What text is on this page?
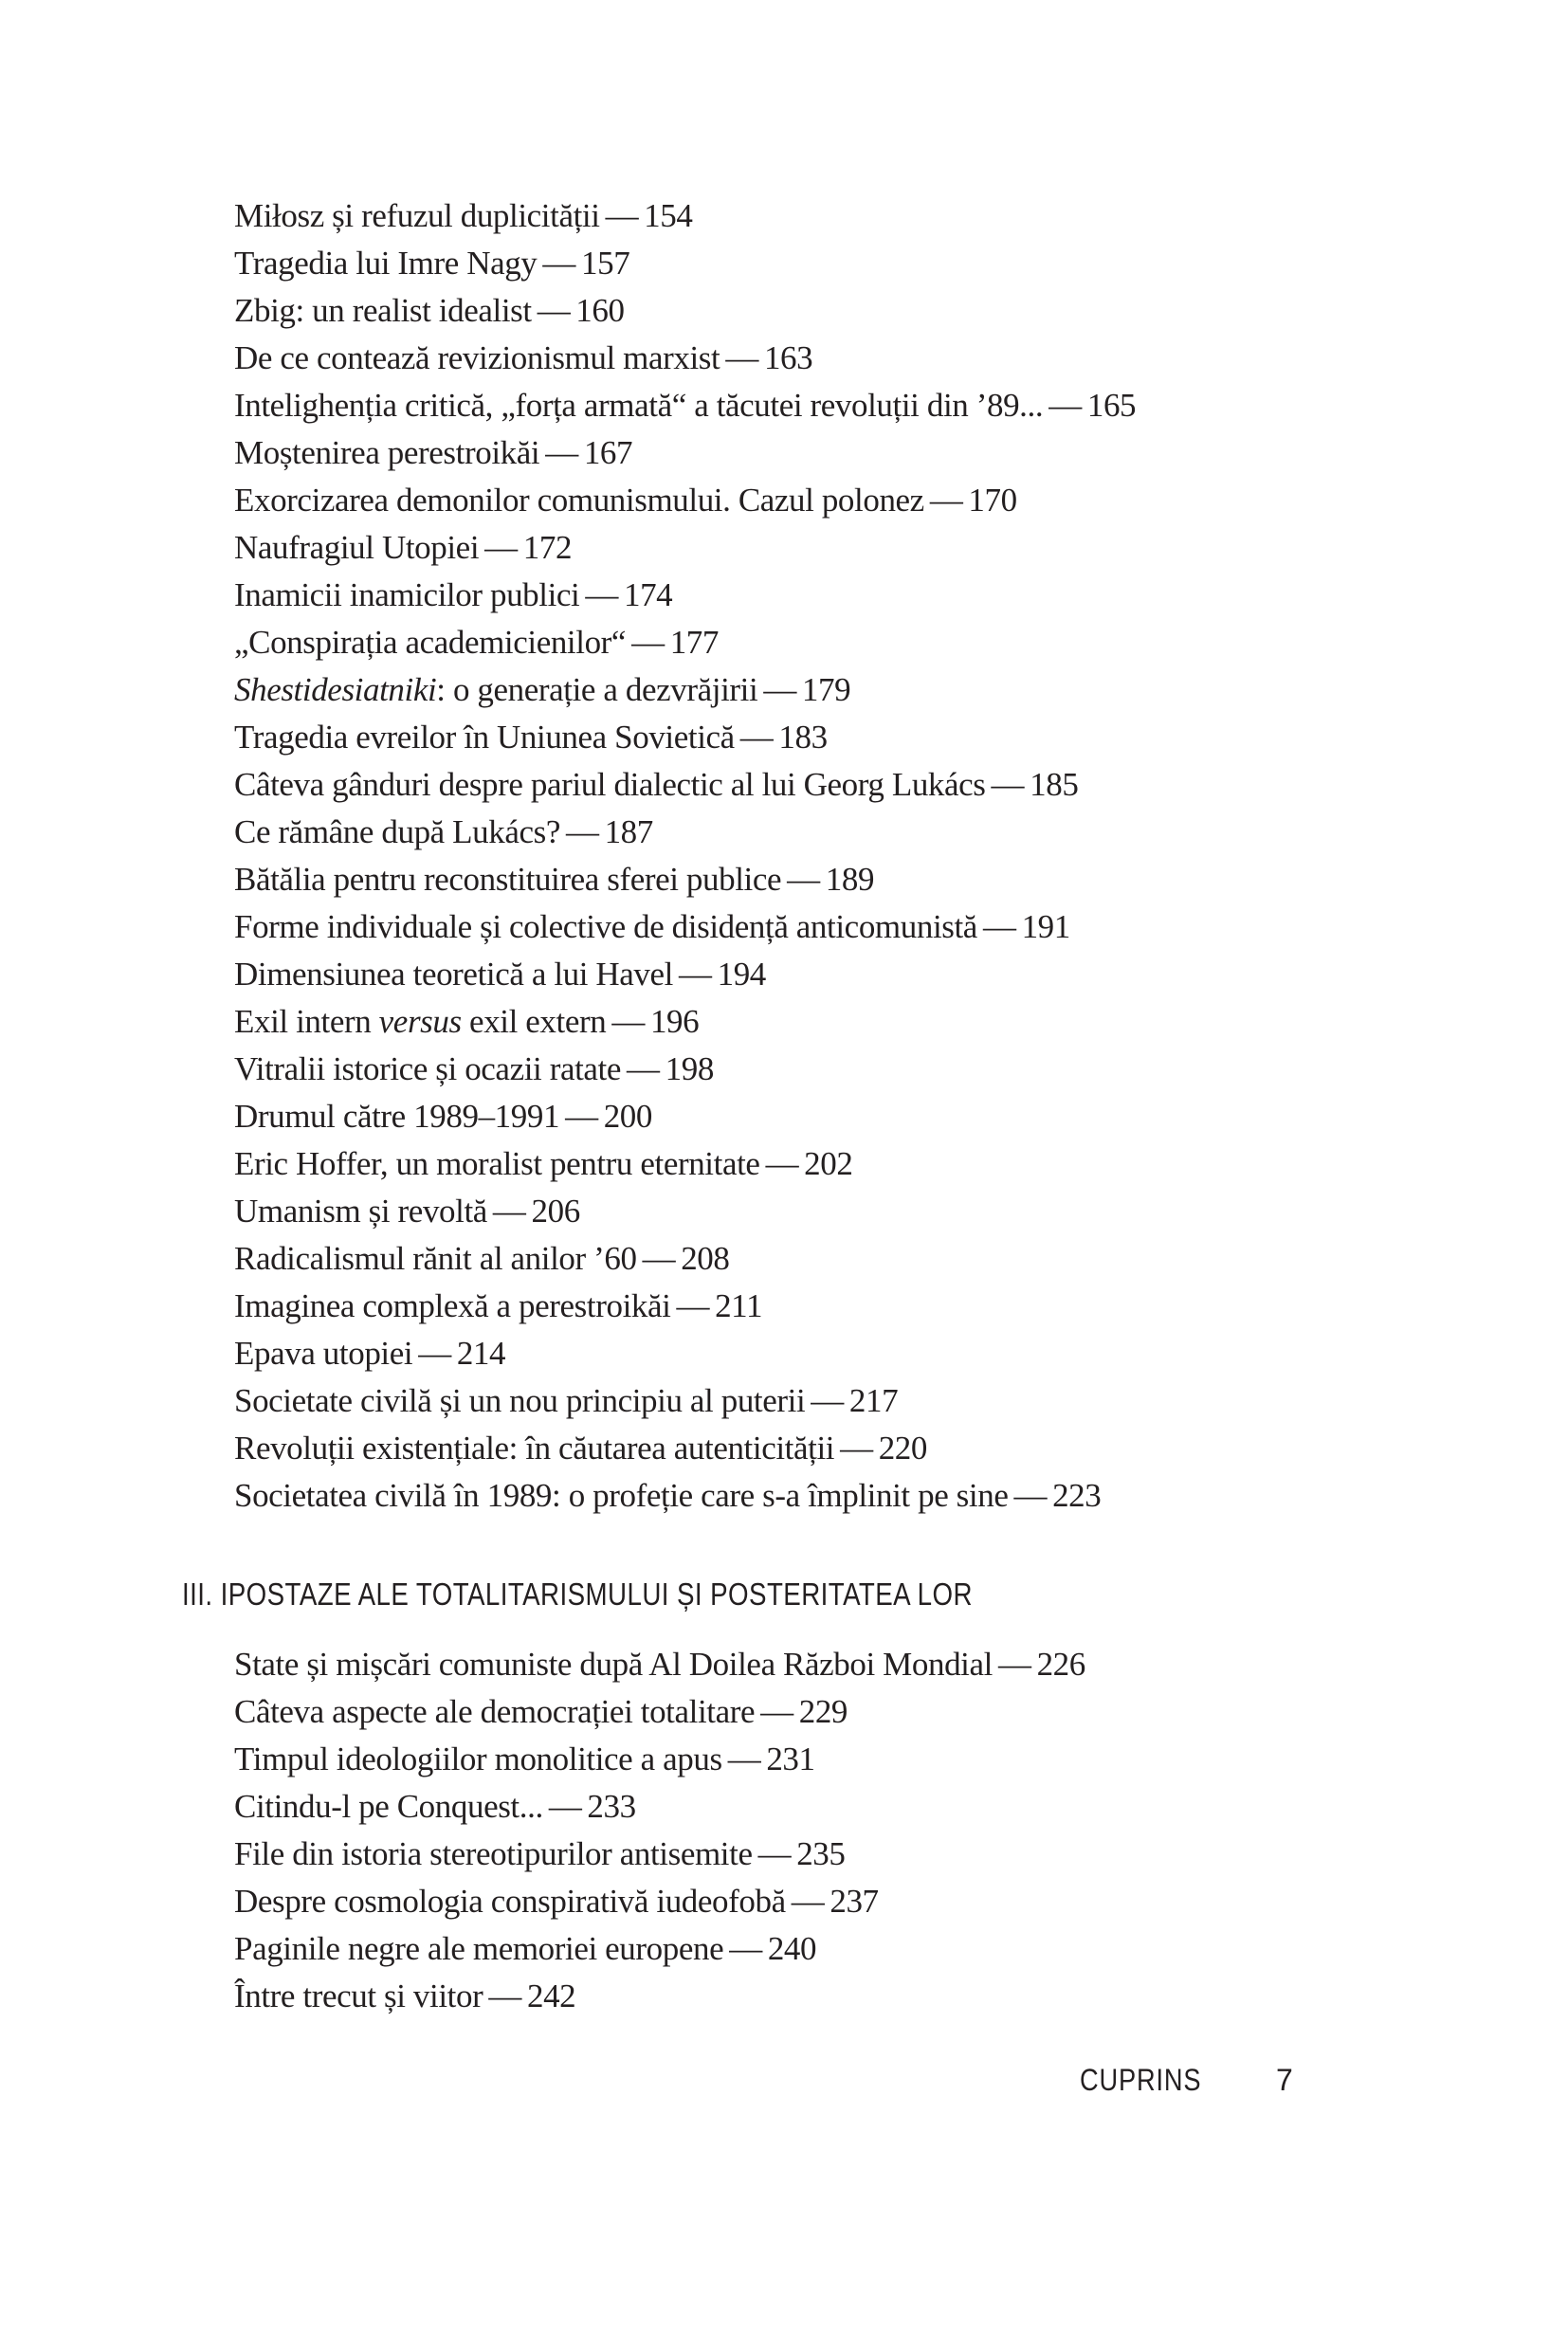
Miłosz și refuzul duplicității — 154
Tragedia lui Imre Nagy — 157
Zbig: un realist idealist — 160
De ce contează revizionismul marxist — 163
Intelighenția critică, „forța armată“ a tăcutei revoluții din ’89... — 165
Moștenirea perestroikăi — 167
Exorcizarea demonilor comunismului. Cazul polonez — 170
Naufragiul Utopiei — 172
Inamicii inamicilor publici — 174
„Conspirația academicienilor“ — 177
Shestidesiatniki: o generație a dezvrăjirii — 179
Tragedia evreilor în Uniunea Sovietică — 183
Câteva gânduri despre pariul dialectic al lui Georg Lukács — 185
Ce rămâne după Lukács? — 187
Bătălia pentru reconstituirea sferei publice — 189
Forme individuale și colective de disidență anticomunistă — 191
Dimensiunea teoretică a lui Havel — 194
Exil intern versus exil extern — 196
Vitralii istorice și ocazii ratate — 198
Drumul către 1989–1991 — 200
Eric Hoffer, un moralist pentru eternitate — 202
Umanism și revoltă — 206
Radicalismul rănit al anilor ’60 — 208
Imaginea complexă a perestroikăi — 211
Epava utopiei — 214
Societate civilă și un nou principiu al puterii — 217
Revoluții existențiale: în căutarea autenticității — 220
Societatea civilă în 1989: o profeție care s-a împlinit pe sine — 223
III. IPOSTAZE ALE TOTALITARISMULUI ȘI POSTERITATEA LOR
State și mișcări comuniste după Al Doilea Război Mondial — 226
Câteva aspecte ale democrației totalitare — 229
Timpul ideologiilor monolitice a apus — 231
Citindu-l pe Conquest... — 233
File din istoria stereotipurilor antisemite — 235
Despre cosmologia conspirativă iudeofobă — 237
Paginile negre ale memoriei europene — 240
Între trecut și viitor — 242
CUPRINS 7
